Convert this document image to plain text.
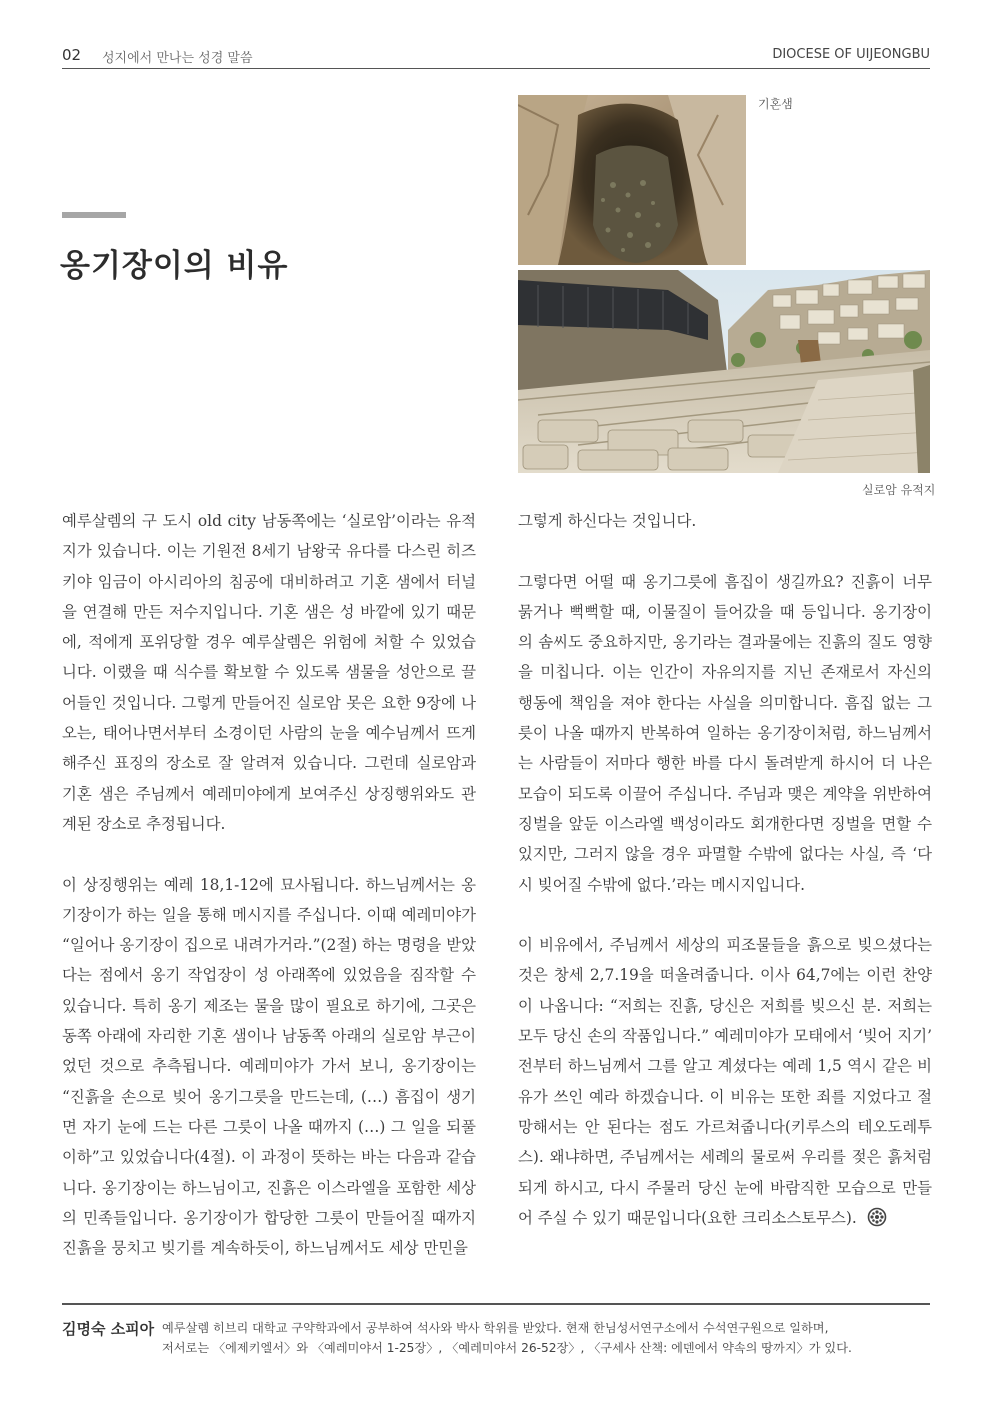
02 성지에서 만나는 성경 말씀	DIOCESE OF UIJEONGBU
옹기장이의 비유
기혼샘
실로암 유적지

예루살렘의 구 도시 old city 남동쪽에는 ‘실로암’이라는 유적지가 있습니다. 이는 기원전 8세기 남왕국 유다를 다스린 히즈키야 임금이 아시리아의 침공에 대비하려고 기혼 샘에서 터널을 연결해 만든 저수지입니다. 기혼 샘은 성 바깥에 있기 때문에, 적에게 포위당할 경우 예루살렘은 위험에 처할 수 있었습니다. 이랬을 때 식수를 확보할 수 있도록 샘물을 성안으로 끌어들인 것입니다. 그렇게 만들어진 실로암 못은 요한 9장에 나오는, 태어나면서부터 소경이던 사람의 눈을 예수님께서 뜨게 해주신 표징의 장소로 잘 알려져 있습니다. 그런데 실로암과 기혼 샘은 주님께서 예레미야에게 보여주신 상징행위와도 관계된 장소로 추정됩니다.

이 상징행위는 예레 18,1-12에 묘사됩니다. 하느님께서는 옹기장이가 하는 일을 통해 메시지를 주십니다. 이때 예레미야가 “일어나 옹기장이 집으로 내려가거라.”(2절) 하는 명령을 받았다는 점에서 옹기 작업장이 성 아래쪽에 있었음을 짐작할 수 있습니다. 특히 옹기 제조는 물을 많이 필요로 하기에, 그곳은 동쪽 아래에 자리한 기혼 샘이나 남동쪽 아래의 실로암 부근이었던 것으로 추측됩니다. 예레미야가 가서 보니, 옹기장이는 “진흙을 손으로 빚어 옹기그릇을 만드는데, (…) 흠집이 생기면 자기 눈에 드는 다른 그릇이 나올 때까지 (…) 그 일을 되풀이하”고 있었습니다(4절). 이 과정이 뜻하는 바는 다음과 같습니다. 옹기장이는 하느님이고, 진흙은 이스라엘을 포함한 세상의 민족들입니다. 옹기장이가 합당한 그릇이 만들어질 때까지 진흙을 뭉치고 빚기를 계속하듯이, 하느님께서도 세상 만민을

그렇게 하신다는 것입니다.

그렇다면 어떨 때 옹기그릇에 흠집이 생길까요? 진흙이 너무 묽거나 뻑뻑할 때, 이물질이 들어갔을 때 등입니다. 옹기장이의 솜씨도 중요하지만, 옹기라는 결과물에는 진흙의 질도 영향을 미칩니다. 이는 인간이 자유의지를 지닌 존재로서 자신의 행동에 책임을 져야 한다는 사실을 의미합니다. 흠집 없는 그릇이 나올 때까지 반복하여 일하는 옹기장이처럼, 하느님께서는 사람들이 저마다 행한 바를 다시 돌려받게 하시어 더 나은 모습이 되도록 이끌어 주십니다. 주님과 맺은 계약을 위반하여 징벌을 앞둔 이스라엘 백성이라도 회개한다면 징벌을 면할 수 있지만, 그러지 않을 경우 파멸할 수밖에 없다는 사실, 즉 ‘다시 빚어질 수밖에 없다.’라는 메시지입니다.

이 비유에서, 주님께서 세상의 피조물들을 흙으로 빚으셨다는 것은 창세 2,7.19을 떠올려줍니다. 이사 64,7에는 이런 찬양이 나옵니다: “저희는 진흙, 당신은 저희를 빚으신 분. 저희는 모두 당신 손의 작품입니다.” 예레미야가 모태에서 ‘빚어 지기’ 전부터 하느님께서 그를 알고 계셨다는 예레 1,5 역시 같은 비유가 쓰인 예라 하겠습니다. 이 비유는 또한 죄를 지었다고 절망해서는 안 된다는 점도 가르쳐줍니다(키루스의 테오도레투스). 왜냐하면, 주님께서는 세례의 물로써 우리를 젖은 흙처럼 되게 하시고, 다시 주물러 당신 눈에 바람직한 모습으로 만들어 주실 수 있기 때문입니다(요한 크리소스토무스).

김명숙 소피아 예루살렘 히브리 대학교 구약학과에서 공부하여 석사와 박사 학위를 받았다. 현재 한님성서연구소에서 수석연구원으로 일하며,
저서로는 〈에제키엘서〉와 〈예레미야서 1-25장〉, 〈예레미야서 26-52장〉, 〈구세사 산책: 에덴에서 약속의 땅까지〉가 있다.
